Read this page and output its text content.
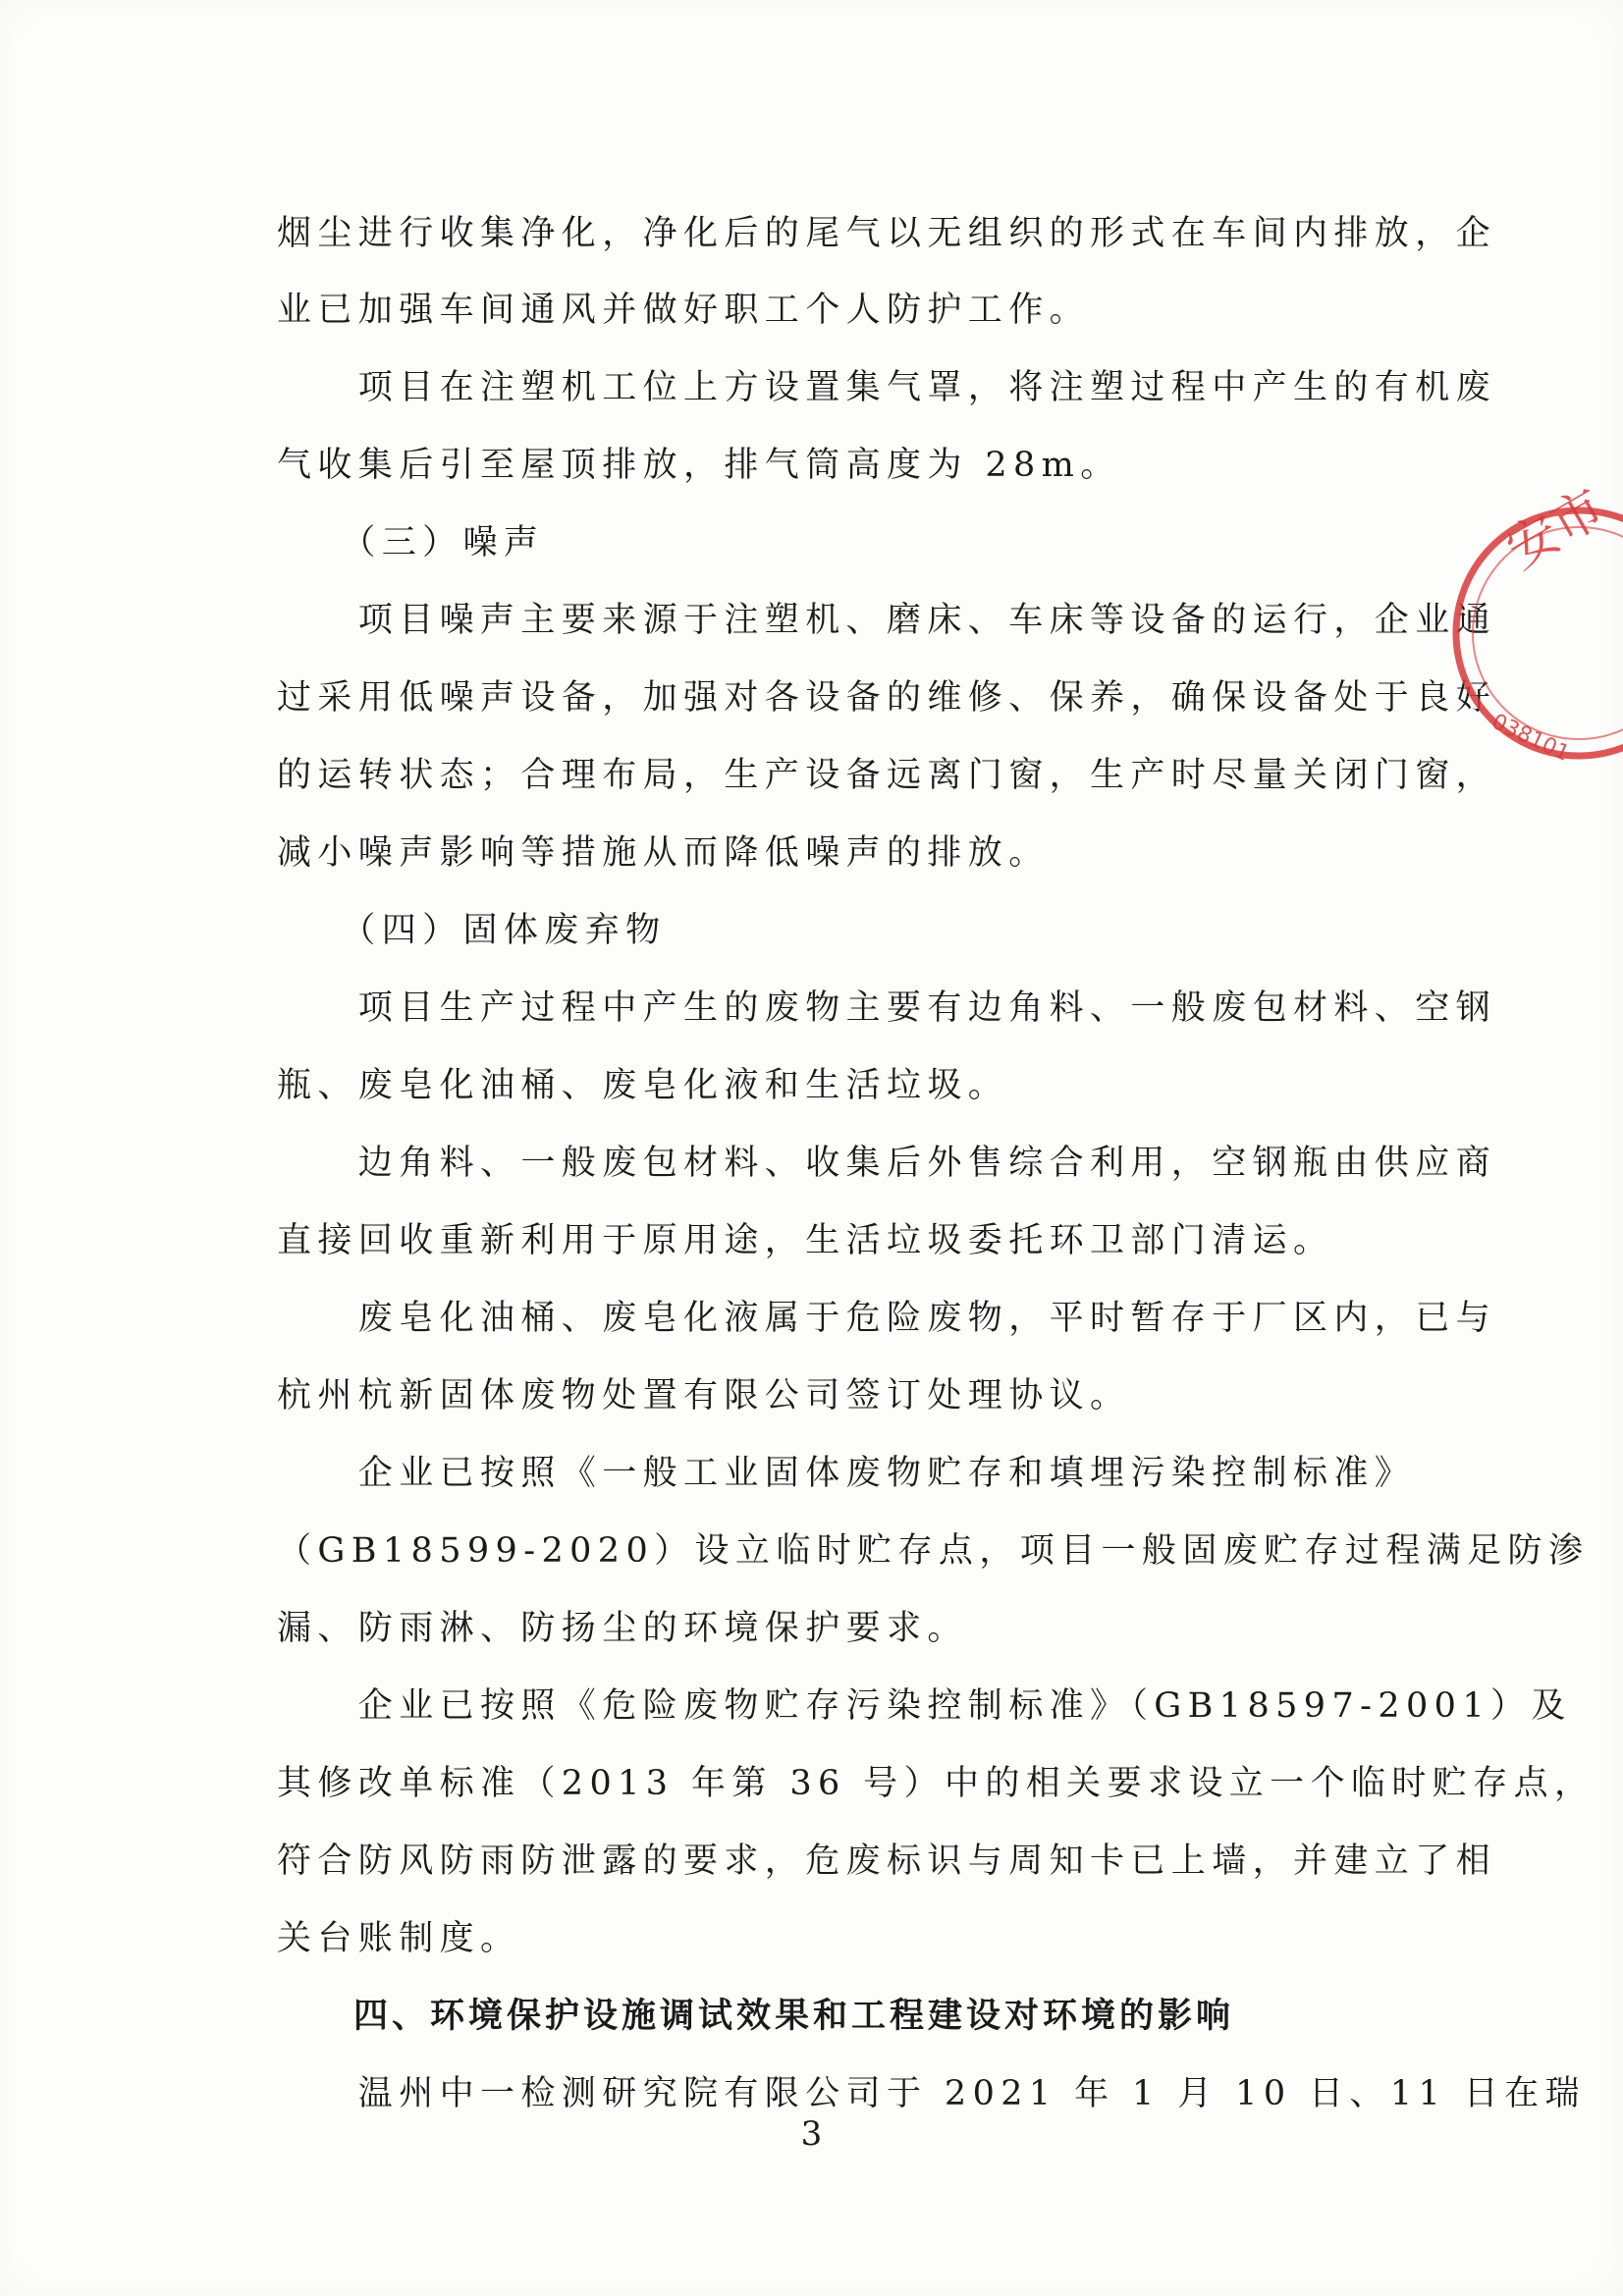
烟尘进行收集净化，净化后的尾气以无组织的形式在车间内排放，企
业已加强车间通风并做好职工个人防护工作。
　　项目在注塑机工位上方设置集气罩，将注塑过程中产生的有机废
气收集后引至屋顶排放，排气筒高度为 28m。
　　（三）噪声
　　项目噪声主要来源于注塑机、磨床、车床等设备的运行，企业通
过采用低噪声设备，加强对各设备的维修、保养，确保设备处于良好
的运转状态；合理布局，生产设备远离门窗，生产时尽量关闭门窗，
减小噪声影响等措施从而降低噪声的排放。
　　（四）固体废弃物
　　项目生产过程中产生的废物主要有边角料、一般废包材料、空钢
瓶、废皂化油桶、废皂化液和生活垃圾。
　　边角料、一般废包材料、收集后外售综合利用，空钢瓶由供应商
直接回收重新利用于原用途，生活垃圾委托环卫部门清运。
　　废皂化油桶、废皂化液属于危险废物，平时暂存于厂区内，已与
杭州杭新固体废物处置有限公司签订处理协议。
　　企业已按照《一般工业固体废物贮存和填埋污染控制标准》
（GB18599-2020）设立临时贮存点，项目一般固废贮存过程满足防渗
漏、防雨淋、防扬尘的环境保护要求。
　　企业已按照《危险废物贮存污染控制标准》（GB18597-2001）及
其修改单标准（2013 年第 36 号）中的相关要求设立一个临时贮存点，
符合防风防雨防泄露的要求，危废标识与周知卡已上墙，并建立了相
关台账制度。
　　四、环境保护设施调试效果和工程建设对环境的影响
　　温州中一检测研究院有限公司于 2021 年 1 月 10 日、11 日在瑞
3
安市
038101
